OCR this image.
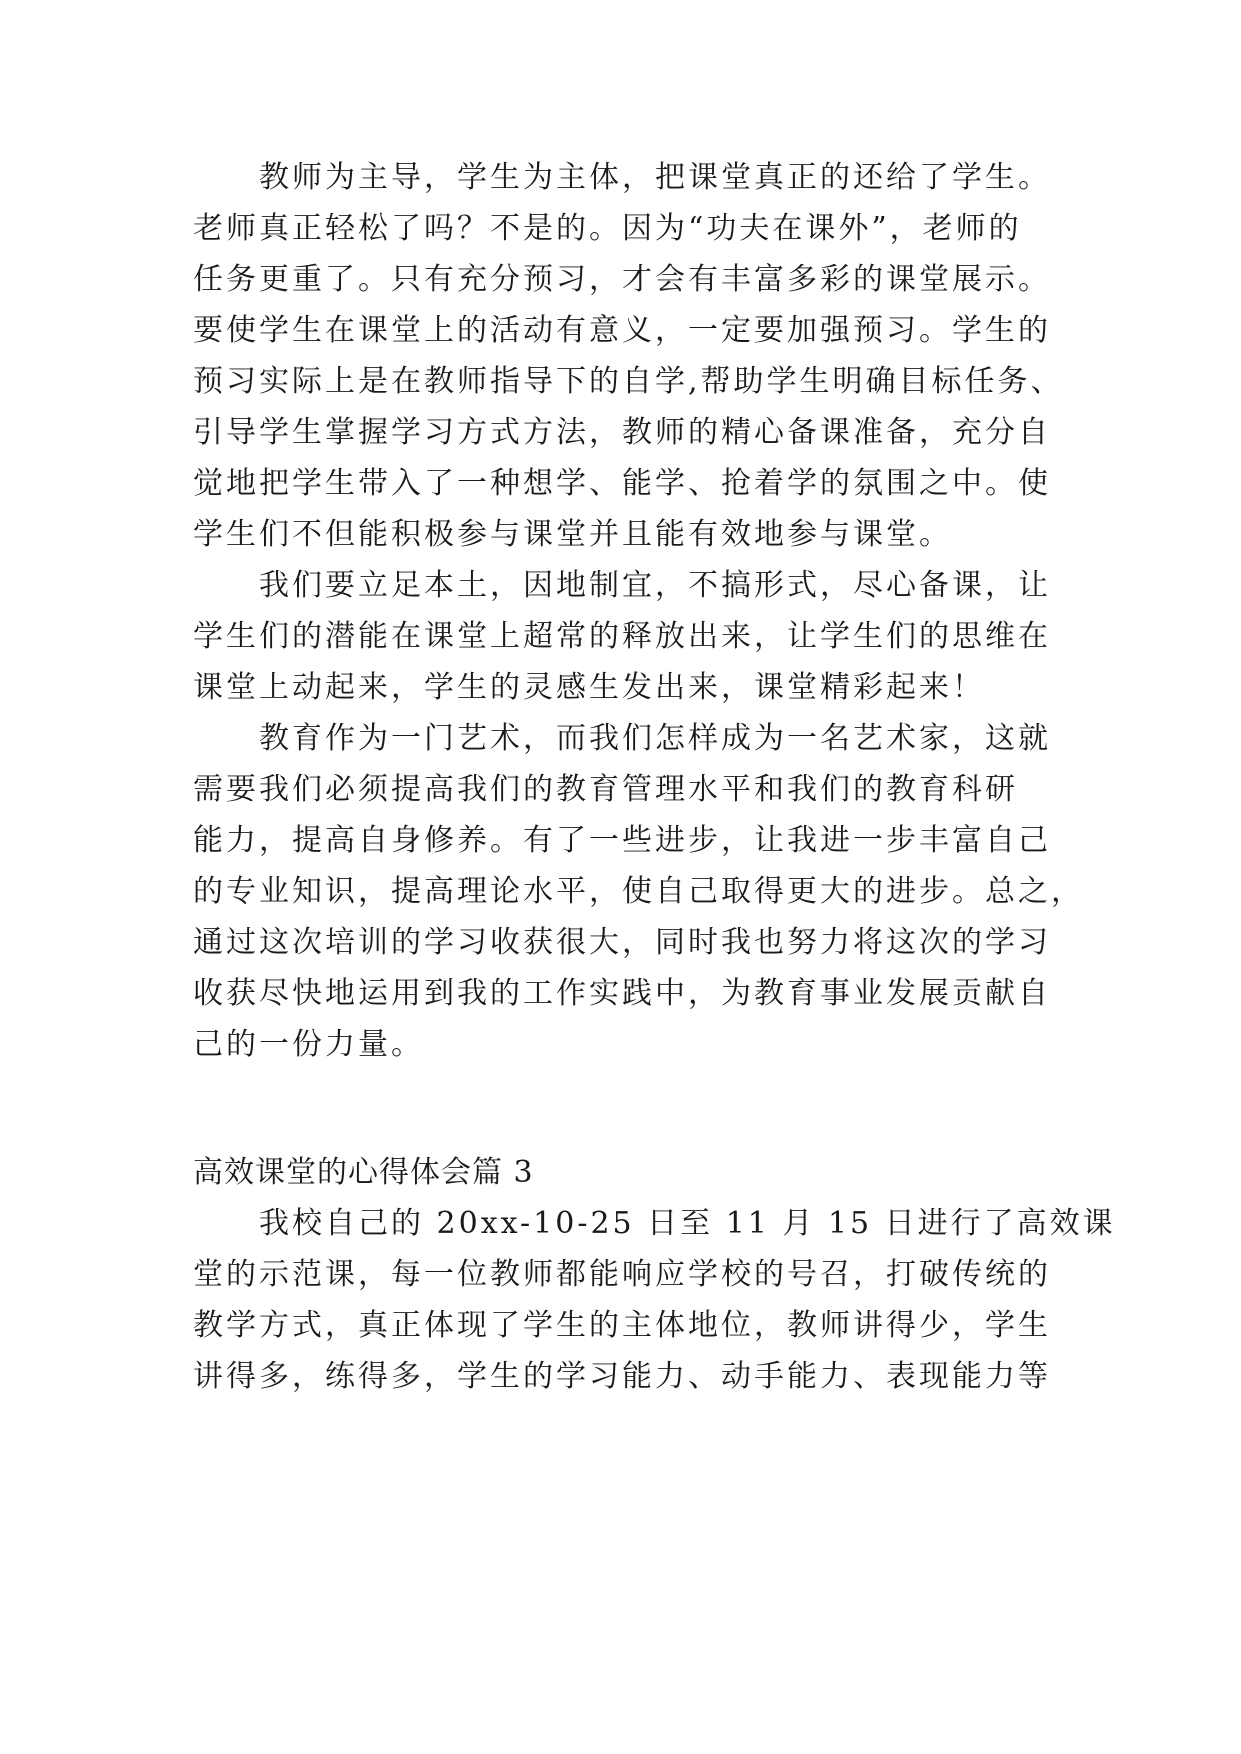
教师为主导，学生为主体，把课堂真正的还给了学生。
老师真正轻松了吗？不是的。因为“功夫在课外”，老师的
任务更重了。只有充分预习，才会有丰富多彩的课堂展示。
要使学生在课堂上的活动有意义，一定要加强预习。学生的
预习实际上是在教师指导下的自学,帮助学生明确目标任务、
引导学生掌握学习方式方法，教师的精心备课准备，充分自
觉地把学生带入了一种想学、能学、抢着学的氛围之中。使
学生们不但能积极参与课堂并且能有效地参与课堂。
我们要立足本土，因地制宜，不搞形式，尽心备课，让
学生们的潜能在课堂上超常的释放出来，让学生们的思维在
课堂上动起来，学生的灵感生发出来，课堂精彩起来！
教育作为一门艺术，而我们怎样成为一名艺术家，这就
需要我们必须提高我们的教育管理水平和我们的教育科研
能力，提高自身修养。有了一些进步，让我进一步丰富自己
的专业知识，提高理论水平，使自己取得更大的进步。总之，
通过这次培训的学习收获很大，同时我也努力将这次的学习
收获尽快地运用到我的工作实践中，为教育事业发展贡献自
己的一份力量。
高效课堂的心得体会篇 3
我校自己的 20xx-10-25 日至 11 月 15 日进行了高效课
堂的示范课，每一位教师都能响应学校的号召，打破传统的
教学方式，真正体现了学生的主体地位，教师讲得少，学生
讲得多，练得多，学生的学习能力、动手能力、表现能力等
